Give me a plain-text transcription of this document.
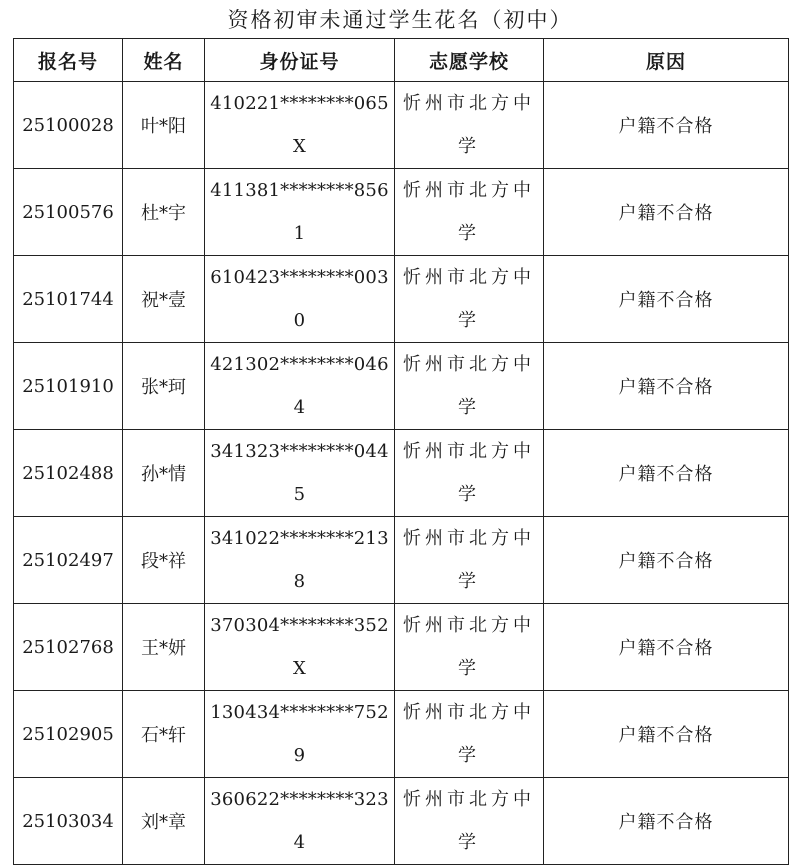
资格初审未通过学生花名（初中）
报名号	姓名	身份证号	志愿学校	原因
25100028	叶*阳	410221********065X	忻州市北方中学	户籍不合格
25100576	杜*宇	411381********8561	忻州市北方中学	户籍不合格
25101744	祝*壹	610423********0030	忻州市北方中学	户籍不合格
25101910	张*珂	421302********0464	忻州市北方中学	户籍不合格
25102488	孙*情	341323********0445	忻州市北方中学	户籍不合格
25102497	段*祥	341022********2138	忻州市北方中学	户籍不合格
25102768	王*妍	370304********352X	忻州市北方中学	户籍不合格
25102905	石*轩	130434********7529	忻州市北方中学	户籍不合格
25103034	刘*章	360622********3234	忻州市北方中学	户籍不合格
